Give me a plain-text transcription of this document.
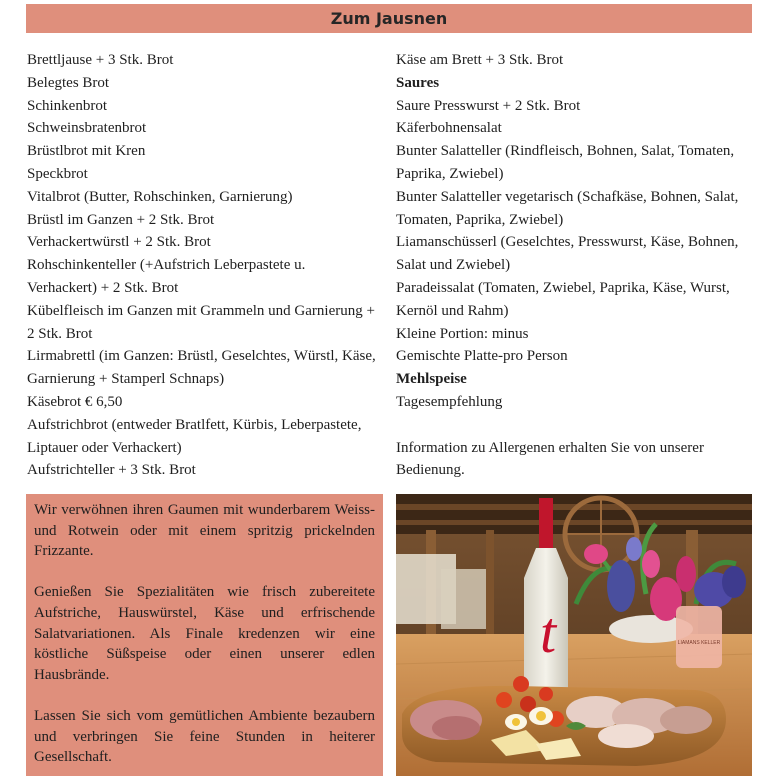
Zum Jausnen
Brettljause + 3 Stk. Brot
Belegtes Brot
Schinkenbrot
Schweinsbratenbrot
Brüstlbrot mit Kren
Speckbrot
Vitalbrot (Butter, Rohschinken, Garnierung)
Brüstl im Ganzen + 2 Stk. Brot
Verhackertwürstl + 2 Stk. Brot
Rohschinkenteller (+Aufstrich Leberpastete u. Verhackert) + 2 Stk. Brot
Kübelfleisch im Ganzen mit Grammeln und Garnierung + 2 Stk. Brot
Lirmabrettl (im Ganzen: Brüstl, Geselchtes, Würstl, Käse, Garnierung + Stamperl Schnaps)
Käsebrot € 6,50
Aufstrichbrot (entweder Bratlfett, Kürbis, Leberpastete, Liptauer oder Verhackert)
Aufstrichteller + 3 Stk. Brot
Käse am Brett + 3 Stk. Brot
Saures
Saure Presswurst + 2 Stk. Brot
Käferbohnensalat
Bunter Salatteller (Rindfleisch, Bohnen, Salat, Tomaten, Paprika, Zwiebel)
Bunter Salatteller vegetarisch (Schafkäse, Bohnen, Salat, Tomaten, Paprika, Zwiebel)
Liamanschüsserl (Geselchtes, Presswurst, Käse, Bohnen, Salat und Zwiebel)
Paradeissalat (Tomaten, Zwiebel, Paprika, Käse, Wurst, Kernöl und Rahm)
Kleine Portion: minus
Gemischte Platte-pro Person
Mehlspeise
Tagesempfehlung
Information zu Allergenen erhalten Sie von unserer Bedienung.

Wir verwöhnen ihren Gaumen mit wunderbarem Weiss- und Rotwein oder mit einem spritzig prickelnden Frizzante.

Genießen Sie Spezialitäten wie frisch zubereitete Aufstriche, Hauswürstel, Käse und erfrischende Salatvariationen. Als Finale kredenzen wir eine köstliche Süßspeise oder einen unserer edlen Hausbrände.

Lassen Sie sich vom gemütlichen Ambiente bezaubern und verbringen Sie feine Stunden in heiterer Gesellschaft.

LIAMANS KELLER
t
